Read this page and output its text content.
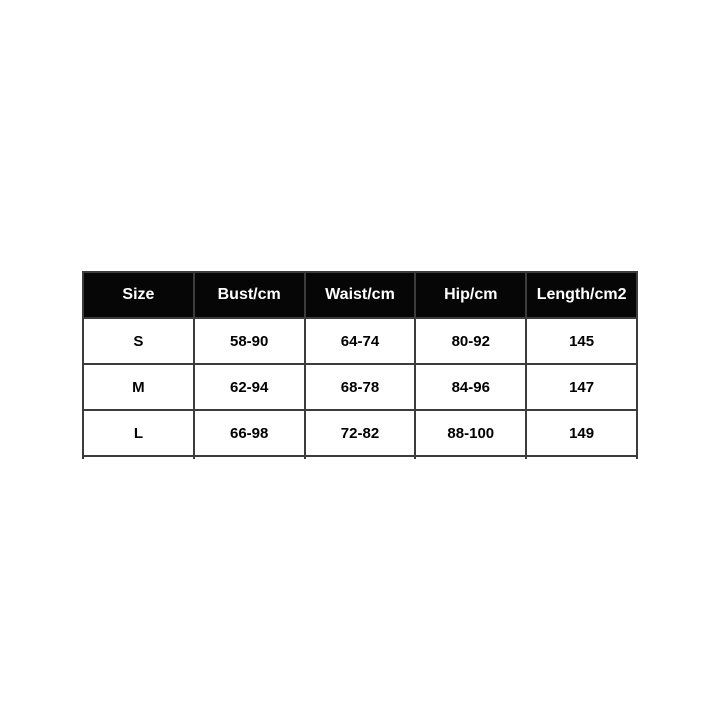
Size	Bust/cm	Waist/cm	Hip/cm	Length/cm2
S	58-90	64-74	80-92	145
M	62-94	68-78	84-96	147
L	66-98	72-82	88-100	149
